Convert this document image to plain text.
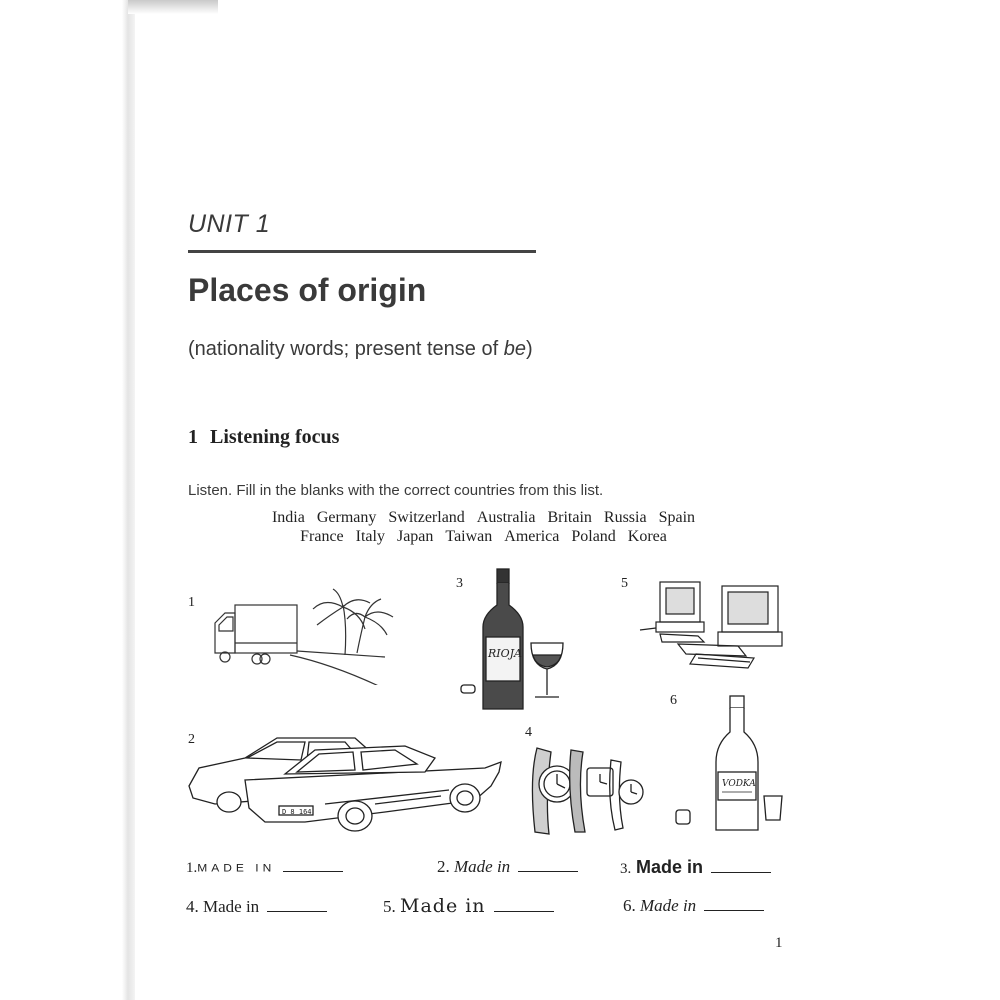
UNIT 1
Places of origin
(nationality words; present tense of be)
1 Listening focus
Listen. Fill in the blanks with the correct countries from this list.
India Germany Switzerland Australia Britain Russia Spain
France Italy Japan Taiwan America Poland Korea
1
2
3
4
5
6
RIOJA
D 8 164
VODKA
1. MADE IN	2.
Made in	3.
Made in
4.
Made in	5.
Made in	6.
Made in
1
